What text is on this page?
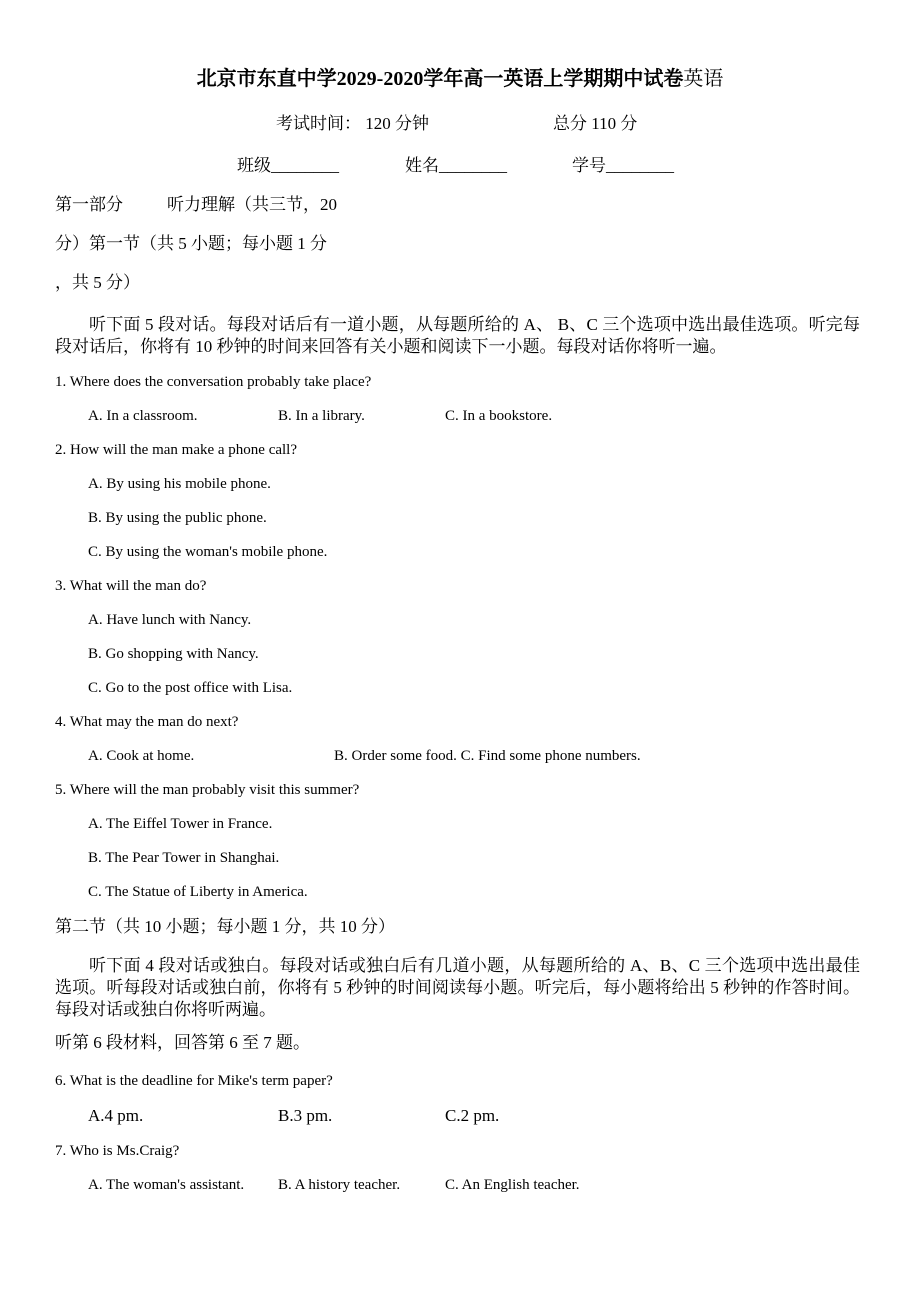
北京市东直中学2029-2020学年高一英语上学期期中试卷英语
考试时间： 120 分钟	总分 110 分
班级________	姓名________	学号________
第一部分	听力理解（共三节，20
分）第一节（共 5 小题；每小题 1 分
，共 5 分）
听下面 5 段对话。每段对话后有一道小题，从每题所给的 A、 B、C 三个选项中选出最佳选项。听完每段对话后，你将有 10 秒钟的时间来回答有关小题和阅读下一小题。每段对话你将听一遍。
1. Where does the conversation probably take place?
A. In a classroom.	B. In a library.	C. In a bookstore.
2. How will the man make a phone call?
A. By using his mobile phone.
B. By using the public phone.
C. By using the woman's mobile phone.
3. What will the man do?
A. Have lunch with Nancy.
B. Go shopping with Nancy.
C. Go to the post office with Lisa.
4. What may the man do next?
A. Cook at home.	B. Order some food. C. Find some phone numbers.
5. Where will the man probably visit this summer?
A. The Eiffel Tower in France.
B. The Pear Tower in Shanghai.
C. The Statue of Liberty in America.
第二节（共 10 小题；每小题 1 分，共 10 分）
听下面 4 段对话或独白。每段对话或独白后有几道小题，从每题所给的 A、B、C 三个选项中选出最佳选项。听每段对话或独白前，你将有 5 秒钟的时间阅读每小题。听完后，每小题将给出 5 秒钟的作答时间。每段对话或独白你将听两遍。
听第 6 段材料，回答第 6 至 7 题。
6. What is the deadline for Mike's term paper?
A.4 pm.	B.3 pm.	C.2 pm.
7. Who is Ms.Craig?
A. The woman's assistant. B. A history teacher.	C. An English teacher.
